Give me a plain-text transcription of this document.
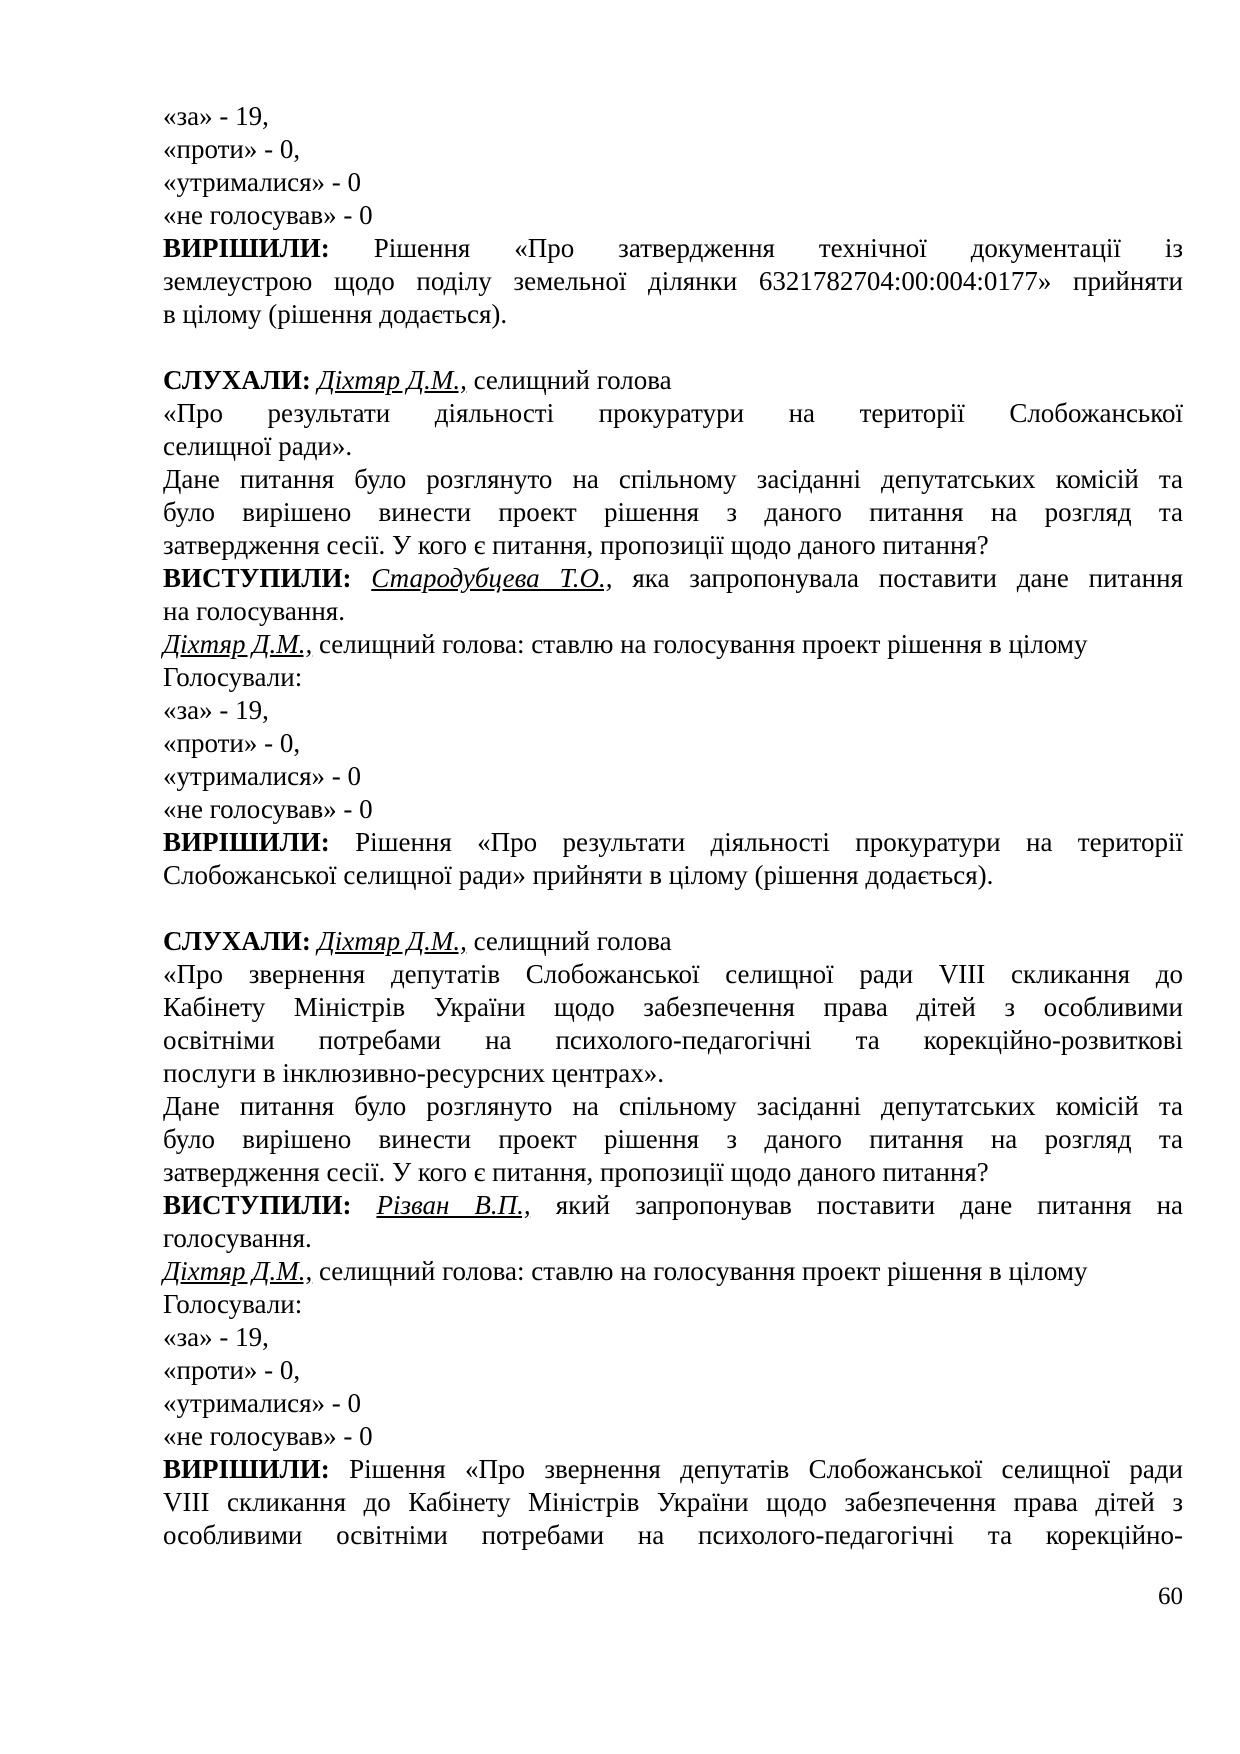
«за» - 19,
«проти» - 0,
«утрималися» - 0
«не голосував» - 0
ВИРІШИЛИ: Рішення «Про затвердження технічної документації із
землеустрою щодо поділу земельної ділянки 6321782704:00:004:0177» прийняти
в цілому (рішення додається).
СЛУХАЛИ: Діхтяр Д.М., селищний голова
«Про результати діяльності прокуратури на території Слобожанської
селищної ради».
Дане питання було розглянуто на спільному засіданні депутатських комісій та
було вирішено винести проект рішення з даного питання на розгляд та
затвердження сесії. У кого є питання, пропозиції щодо даного питання?
ВИСТУПИЛИ: Стародубцева Т.О., яка запропонувала поставити дане питання
на голосування.
Діхтяр Д.М., селищний голова: ставлю на голосування проект рішення в цілому
Голосували:
«за» - 19,
«проти» - 0,
«утрималися» - 0
«не голосував» - 0
ВИРІШИЛИ: Рішення «Про результати діяльності прокуратури на території
Слобожанської селищної ради» прийняти в цілому (рішення додається).
СЛУХАЛИ: Діхтяр Д.М., селищний голова
«Про звернення депутатів Слобожанської селищної ради VIII скликання до
Кабінету Міністрів України щодо забезпечення права дітей з особливими
освітніми потребами на психолого-педагогічні та корекційно-розвиткові
послуги в інклюзивно-ресурсних центрах».
Дане питання було розглянуто на спільному засіданні депутатських комісій та
було вирішено винести проект рішення з даного питання на розгляд та
затвердження сесії. У кого є питання, пропозиції щодо даного питання?
ВИСТУПИЛИ: Різван В.П., який запропонував поставити дане питання на
голосування.
Діхтяр Д.М., селищний голова: ставлю на голосування проект рішення в цілому
Голосували:
«за» - 19,
«проти» - 0,
«утрималися» - 0
«не голосував» - 0
ВИРІШИЛИ: Рішення «Про звернення депутатів Слобожанської селищної ради
VIII скликання до Кабінету Міністрів України щодо забезпечення права дітей з
особливими освітніми потребами на психолого-педагогічні та корекційно-
60
